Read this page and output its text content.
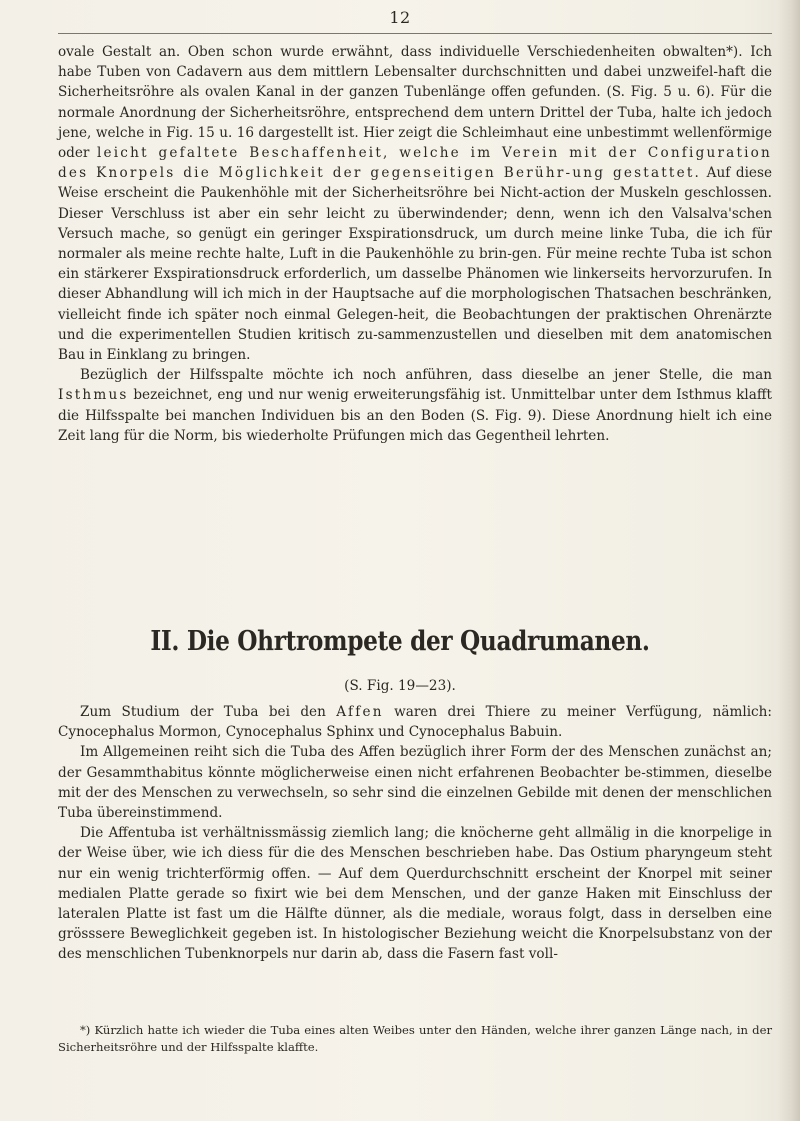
12

ovale Gestalt an. Oben schon wurde erwähnt, dass individuelle Verschiedenheiten obwalten*). Ich habe Tuben von Cadavern aus dem mittlern Lebensalter durchschnitten und dabei unzweifel-haft die Sicherheitsröhre als ovalen Kanal in der ganzen Tubenlänge offen gefunden. (S. Fig. 5 u. 6). Für die normale Anordnung der Sicherheitsröhre, entsprechend dem untern Drittel der Tuba, halte ich jedoch jene, welche in Fig. 15 u. 16 dargestellt ist. Hier zeigt die Schleimhaut eine unbestimmt wellenförmige oder leicht gefaltete Beschaffenheit, welche im Verein mit der Configuration des Knorpels die Möglichkeit der gegenseitigen Berühr-ung gestattet. Auf diese Weise erscheint die Paukenhöhle mit der Sicherheitsröhre bei Nicht-action der Muskeln geschlossen. Dieser Verschluss ist aber ein sehr leicht zu überwindender; denn, wenn ich den Valsalva'schen Versuch mache, so genügt ein geringer Exspirationsdruck, um durch meine linke Tuba, die ich für normaler als meine rechte halte, Luft in die Paukenhöhle zu brin-gen. Für meine rechte Tuba ist schon ein stärkerer Exspirationsdruck erforderlich, um dasselbe Phänomen wie linkerseits hervorzurufen. In dieser Abhandlung will ich mich in der Hauptsache auf die morphologischen Thatsachen beschränken, vielleicht finde ich später noch einmal Gelegen-heit, die Beobachtungen der praktischen Ohrenärzte und die experimentellen Studien kritisch zu-sammenzustellen und dieselben mit dem anatomischen Bau in Einklang zu bringen.

Bezüglich der Hilfsspalte möchte ich noch anführen, dass dieselbe an jener Stelle, die man Isthmus bezeichnet, eng und nur wenig erweiterungsfähig ist. Unmittelbar unter dem Isthmus klafft die Hilfsspalte bei manchen Individuen bis an den Boden (S. Fig. 9). Diese Anordnung hielt ich eine Zeit lang für die Norm, bis wiederholte Prüfungen mich das Gegentheil lehrten.

II. Die Ohrtrompete der Quadrumanen.
(S. Fig. 19—23).

Zum Studium der Tuba bei den Affen waren drei Thiere zu meiner Verfügung, nämlich: Cynocephalus Mormon, Cynocephalus Sphinx und Cynocephalus Babuin.

Im Allgemeinen reiht sich die Tuba des Affen bezüglich ihrer Form der des Menschen zunächst an; der Gesammthabitus könnte möglicherweise einen nicht erfahrenen Beobachter be-stimmen, dieselbe mit der des Menschen zu verwechseln, so sehr sind die einzelnen Gebilde mit denen der menschlichen Tuba übereinstimmend.

Die Affentuba ist verhältnissmässig ziemlich lang; die knöcherne geht allmälig in die knorpelige in der Weise über, wie ich diess für die des Menschen beschrieben habe. Das Ostium pharyngeum steht nur ein wenig trichterförmig offen. — Auf dem Querdurchschnitt erscheint der Knorpel mit seiner medialen Platte gerade so fixirt wie bei dem Menschen, und der ganze Haken mit Einschluss der lateralen Platte ist fast um die Hälfte dünner, als die mediale, woraus folgt, dass in derselben eine grösssere Beweglichkeit gegeben ist. In histologischer Beziehung weicht die Knorpelsubstanz von der des menschlichen Tubenknorpels nur darin ab, dass die Fasern fast voll-

*) Kürzlich hatte ich wieder die Tuba eines alten Weibes unter den Händen, welche ihrer ganzen Länge nach, in der Sicherheitsröhre und der Hilfsspalte klaffte.
